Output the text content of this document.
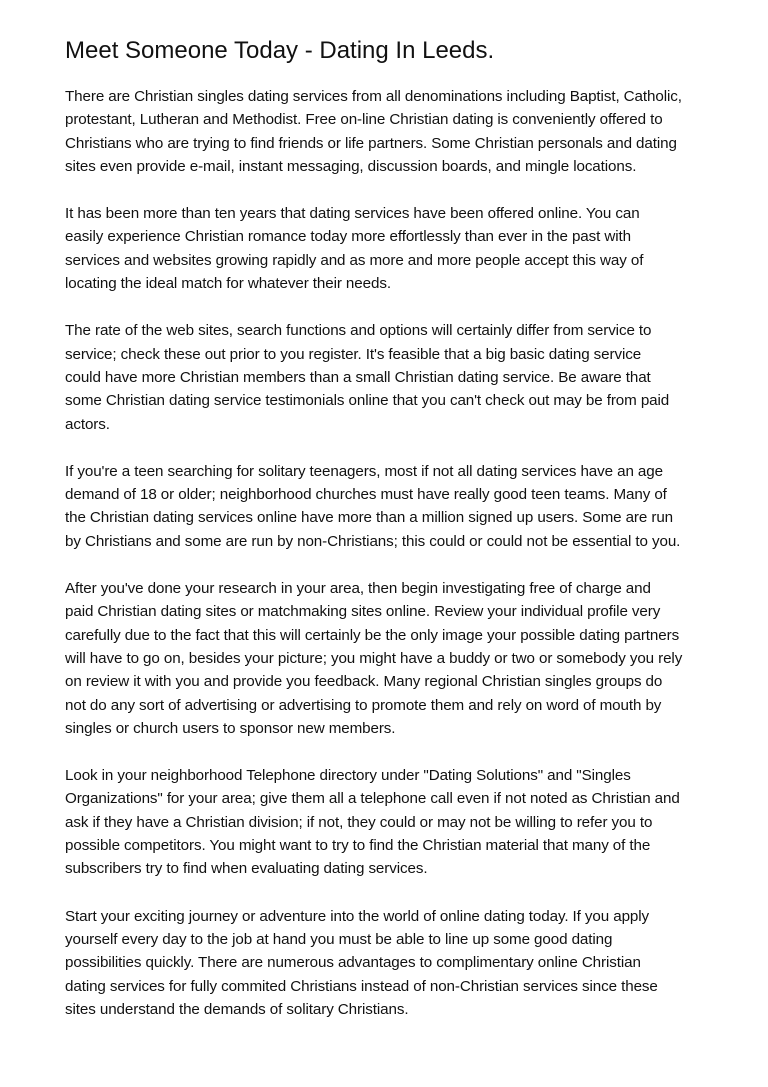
Meet Someone Today - Dating In Leeds.

There are Christian singles dating services from all denominations including Baptist, Catholic,
protestant, Lutheran and Methodist. Free on-line Christian dating is conveniently offered to
Christians who are trying to find friends or life partners. Some Christian personals and dating
sites even provide e-mail, instant messaging, discussion boards, and mingle locations.

It has been more than ten years that dating services have been offered online. You can
easily experience Christian romance today more effortlessly than ever in the past with
services and websites growing rapidly and as more and more people accept this way of
locating the ideal match for whatever their needs.

The rate of the web sites, search functions and options will certainly differ from service to
service; check these out prior to you register. It's feasible that a big basic dating service
could have more Christian members than a small Christian dating service. Be aware that
some Christian dating service testimonials online that you can't check out may be from paid
actors.

If you're a teen searching for solitary teenagers, most if not all dating services have an age
demand of 18 or older; neighborhood churches must have really good teen teams. Many of
the Christian dating services online have more than a million signed up users. Some are run
by Christians and some are run by non-Christians; this could or could not be essential to you.

After you've done your research in your area, then begin investigating free of charge and
paid Christian dating sites or matchmaking sites online. Review your individual profile very
carefully due to the fact that this will certainly be the only image your possible dating partners
will have to go on, besides your picture; you might have a buddy or two or somebody you rely
on review it with you and provide you feedback. Many regional Christian singles groups do
not do any sort of advertising or advertising to promote them and rely on word of mouth by
singles or church users to sponsor new members.

Look in your neighborhood Telephone directory under "Dating Solutions" and "Singles
Organizations" for your area; give them all a telephone call even if not noted as Christian and
ask if they have a Christian division; if not, they could or may not be willing to refer you to
possible competitors. You might want to try to find the Christian material that many of the
subscribers try to find when evaluating dating services.

Start your exciting journey or adventure into the world of online dating today. If you apply
yourself every day to the job at hand you must be able to line up some good dating
possibilities quickly. There are numerous advantages to complimentary online Christian
dating services for fully commited Christians instead of non-Christian services since these
sites understand the demands of solitary Christians.
